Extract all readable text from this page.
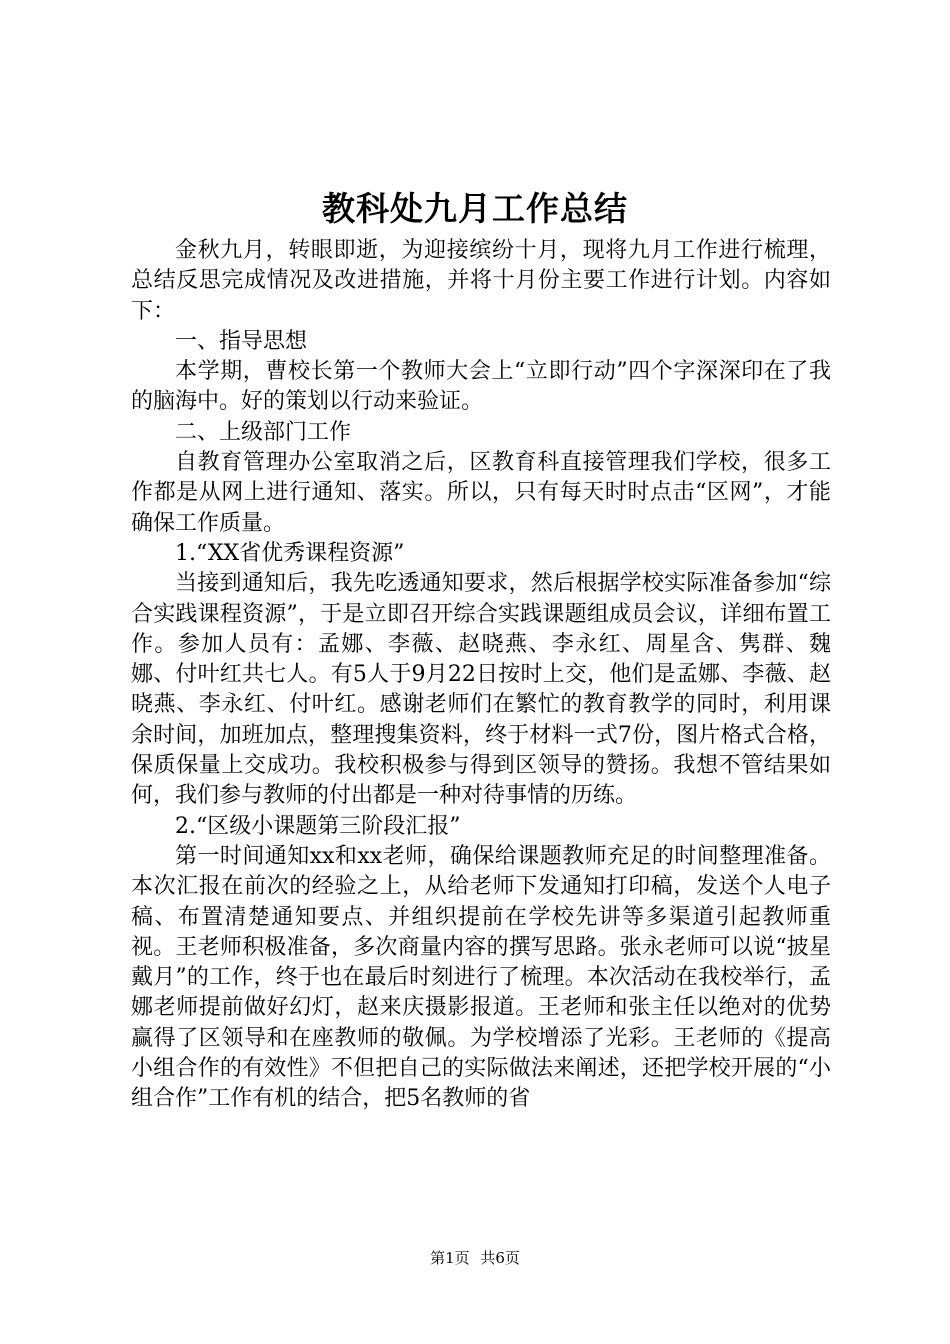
教科处九月工作总结

金秋九月，转眼即逝，为迎接缤纷十月，现将九月工作进行梳理，总结反思完成情况及改进措施，并将十月份主要工作进行计划。内容如下：

一、指导思想

本学期，曹校长第一个教师大会上“立即行动”四个字深深印在了我的脑海中。好的策划以行动来验证。

二、上级部门工作

自教育管理办公室取消之后，区教育科直接管理我们学校，很多工作都是从网上进行通知、落实。所以，只有每天时时点击“区网”，才能确保工作质量。

1.“XX省优秀课程资源”

当接到通知后，我先吃透通知要求，然后根据学校实际准备参加“综合实践课程资源”，于是立即召开综合实践课题组成员会议，详细布置工作。参加人员有：孟娜、李薇、赵晓燕、李永红、周星含、隽群、魏娜、付叶红共七人。有5人于9月22日按时上交，他们是孟娜、李薇、赵晓燕、李永红、付叶红。感谢老师们在繁忙的教育教学的同时，利用课余时间，加班加点，整理搜集资料，终于材料一式7份，图片格式合格，保质保量上交成功。我校积极参与得到区领导的赞扬。我想不管结果如何，我们参与教师的付出都是一种对待事情的历练。

2.“区级小课题第三阶段汇报”

第一时间通知xx和xx老师，确保给课题教师充足的时间整理准备。本次汇报在前次的经验之上，从给老师下发通知打印稿，发送个人电子稿、布置清楚通知要点、并组织提前在学校先讲等多渠道引起教师重视。王老师积极准备，多次商量内容的撰写思路。张永老师可以说“披星戴月”的工作，终于也在最后时刻进行了梳理。本次活动在我校举行，孟娜老师提前做好幻灯，赵来庆摄影报道。王老师和张主任以绝对的优势赢得了区领导和在座教师的敬佩。为学校增添了光彩。王老师的《提高小组合作的有效性》不但把自己的实际做法来阐述，还把学校开展的“小组合作”工作有机的结合，把5名教师的省

第1页 共6页
